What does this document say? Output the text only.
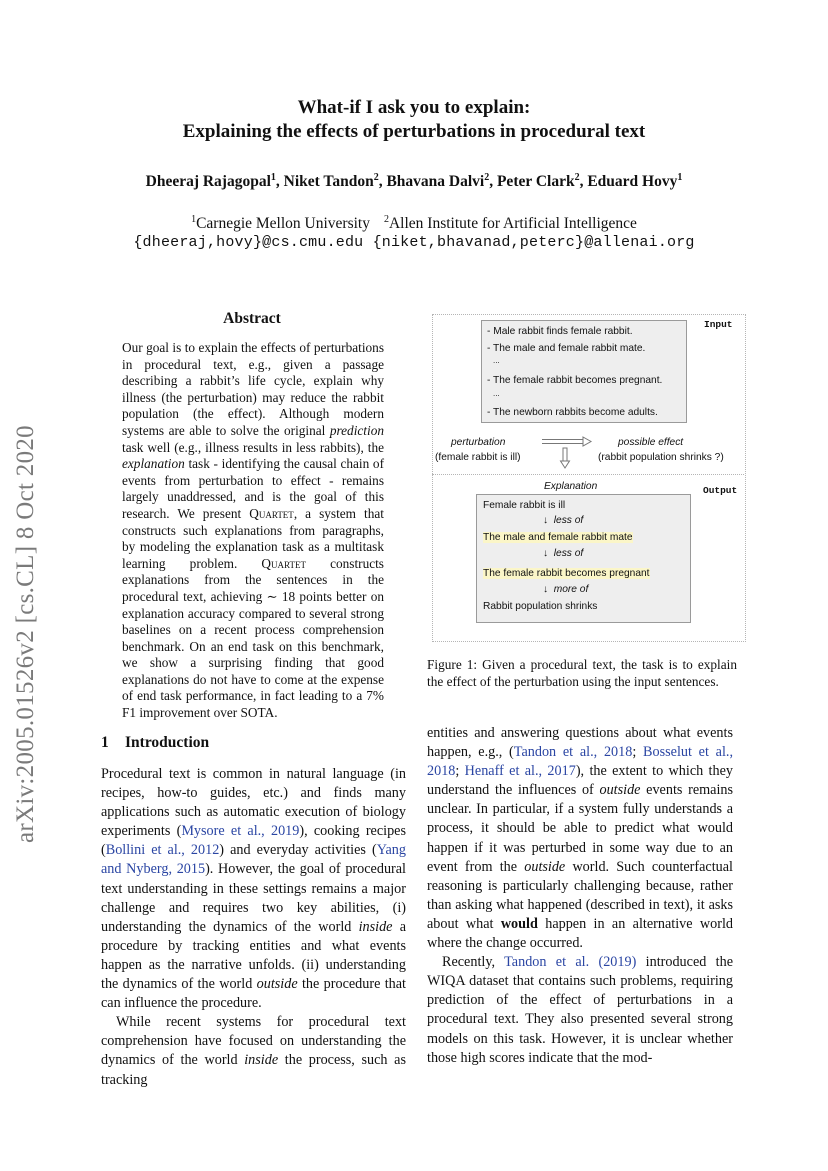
What-if I ask you to explain:
Explaining the effects of perturbations in procedural text
Dheeraj Rajagopal$^1$, Niket Tandon$^2$, Bhavana Dalvi$^2$, Peter Clark$^2$, Eduard Hovy$^1$
$^1$Carnegie Mellon University $^2$Allen Institute for Artificial Intelligence
{dheeraj,hovy}@cs.cmu.edu {niket,bhavanad,peterc}@allenai.org
arXiv:2005.01526v2 [cs.CL] 8 Oct 2020
Abstract
Our goal is to explain the effects of perturbations in procedural text, e.g., given a passage describing a rabbit’s life cycle, explain why illness (the perturbation) may reduce the rabbit population (the effect). Although modern systems are able to solve the original prediction task well (e.g., illness results in less rabbits), the explanation task - identifying the causal chain of events from perturbation to effect - remains largely unaddressed, and is the goal of this research. We present Quartet, a system that constructs such explanations from paragraphs, by modeling the explanation task as a multitask learning problem. Quartet constructs explanations from the sentences in the procedural text, achieving ∼ 18 points better on explanation accuracy compared to several strong baselines on a recent process comprehension benchmark. On an end task on this benchmark, we show a surprising finding that good explanations do not have to come at the expense of end task performance, in fact leading to a 7% F1 improvement over SOTA.
1 Introduction

Procedural text is common in natural language (in recipes, how-to guides, etc.) and finds many applications such as automatic execution of biology experiments (Mysore et al., 2019), cooking recipes (Bollini et al., 2012) and everyday activities (Yang and Nyberg, 2015). However, the goal of procedural text understanding in these settings remains a major challenge and requires two key abilities, (i) understanding the dynamics of the world inside a procedure by tracking entities and what events happen as the narrative unfolds. (ii) understanding the dynamics of the world outside the procedure that can influence the procedure.

While recent systems for procedural text comprehension have focused on understanding the dynamics of the world inside the process, such as tracking

entities and answering questions about what events happen, e.g., (Tandon et al., 2018; Bosselut et al., 2018; Henaff et al., 2017), the extent to which they understand the influences of outside events remains unclear. In particular, if a system fully understands a process, it should be able to predict what would happen if it was perturbed in some way due to an event from the outside world. Such counterfactual reasoning is particularly challenging because, rather than asking what happened (described in text), it asks about what would happen in an alternative world where the change occurred.

Recently, Tandon et al. (2019) introduced the WIQA dataset that contains such problems, requiring prediction of the effect of perturbations in a procedural text. They also presented several strong models on this task. However, it is unclear whether those high scores indicate that the mod-

Input
- Male rabbit finds female rabbit.
- The male and female rabbit mate.
...
- The female rabbit becomes pregnant.
...
- The newborn rabbits become adults.
perturbation
(female rabbit is ill)
possible effect
(rabbit population shrinks ?)
Explanation	Output
Female rabbit is ill
↓ less of
The male and female rabbit mate
↓ less of
The female rabbit becomes pregnant
↓ more of
Rabbit population shrinks
Figure 1: Given a procedural text, the task is to explain the effect of the perturbation using the input sentences.
